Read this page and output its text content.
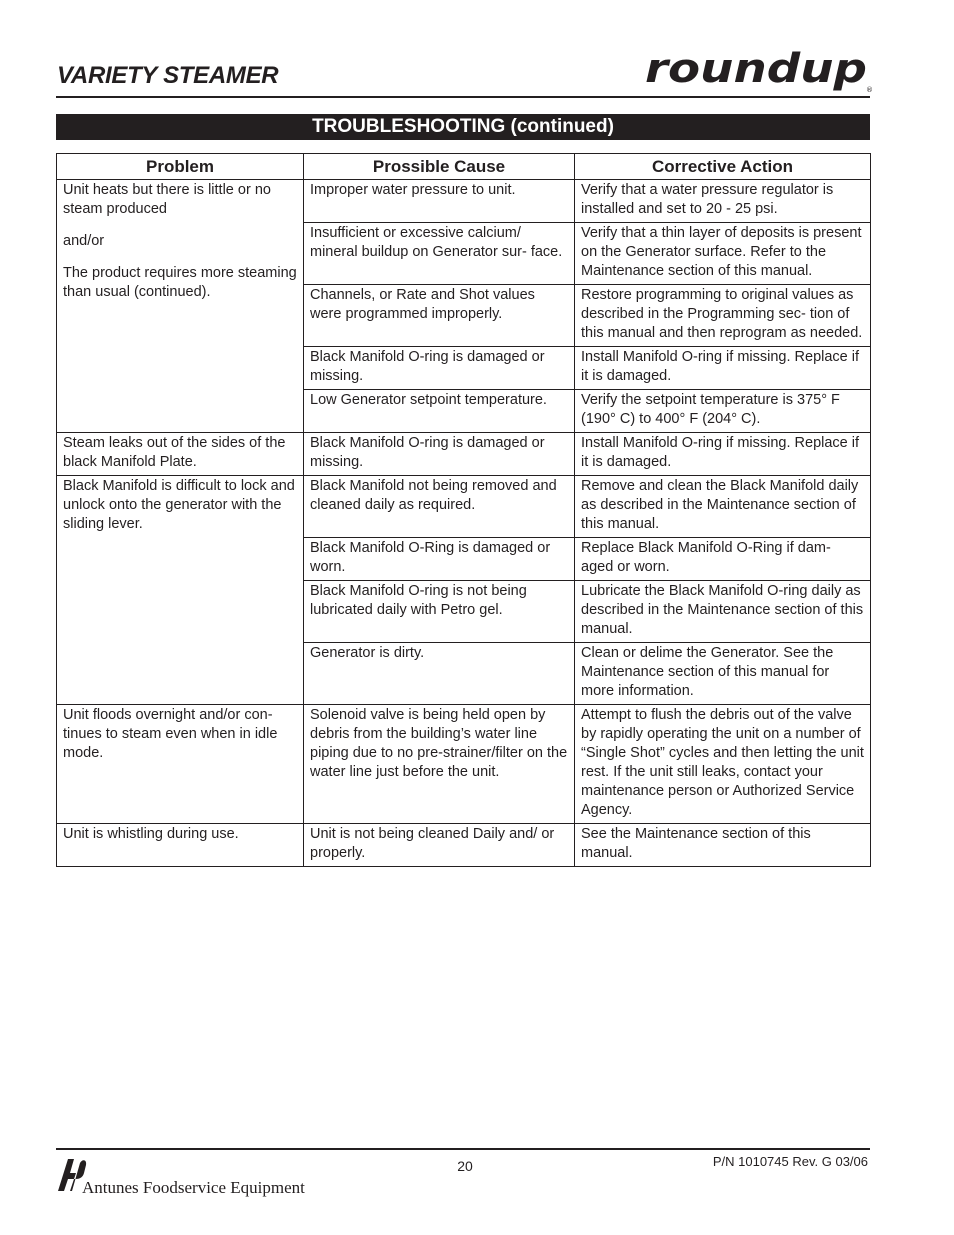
VARIETY STEAMER	roundup ®
TROUBLESHOOTING (continued)
Problem	Prossible Cause	Corrective Action

Unit heats but there is little or no steam produced

and/or

The product requires more steaming than usual (continued).	Improper water pressure to unit.	Verify that a water pressure regulator is installed and set to 20 - 25 psi.
	Insufficient or excessive calcium/ mineral buildup on Generator sur- face.	Verify that a thin layer of deposits is present on the Generator surface. Refer to the Maintenance section of this manual.
	Channels, or Rate and Shot values were programmed improperly.	Restore programming to original values as described in the Programming sec- tion of this manual and then reprogram as needed.
	Black Manifold O-ring is damaged or missing.	Install Manifold O-ring if missing. Replace if it is damaged.
	Low Generator setpoint temperature.	Verify the setpoint temperature is 375° F (190° C) to 400° F (204° C).
Steam leaks out of the sides of the black Manifold Plate.	Black Manifold O-ring is damaged or missing.	Install Manifold O-ring if missing. Replace if it is damaged.
Black Manifold is difficult to lock and unlock onto the generator with the sliding lever.	Black Manifold not being removed and cleaned daily as required.	Remove and clean the Black Manifold daily as described in the Maintenance section of this manual.
	Black Manifold O-Ring is damaged or worn.	Replace Black Manifold O-Ring if dam- aged or worn.
	Black Manifold O-ring is not being lubricated daily with Petro gel.	Lubricate the Black Manifold O-ring daily as described in the Maintenance section of this manual.
	Generator is dirty.	Clean or delime the Generator. See the Maintenance section of this manual for more information.
Unit floods overnight and/or con- tinues to steam even when in idle mode.	Solenoid valve is being held open by debris from the building’s water line piping due to no pre-strainer/filter on the water line just before the unit.	Attempt to flush the debris out of the valve by rapidly operating the unit on a number of “Single Shot” cycles and then letting the unit rest. If the unit still leaks, contact your maintenance person or Authorized Service Agency.
Unit is whistling during use.	Unit is not being cleaned Daily and/ or properly.	See the Maintenance section of this manual.
20	P/N 1010745 Rev. G 03/06
Antunes Foodservice Equipment
